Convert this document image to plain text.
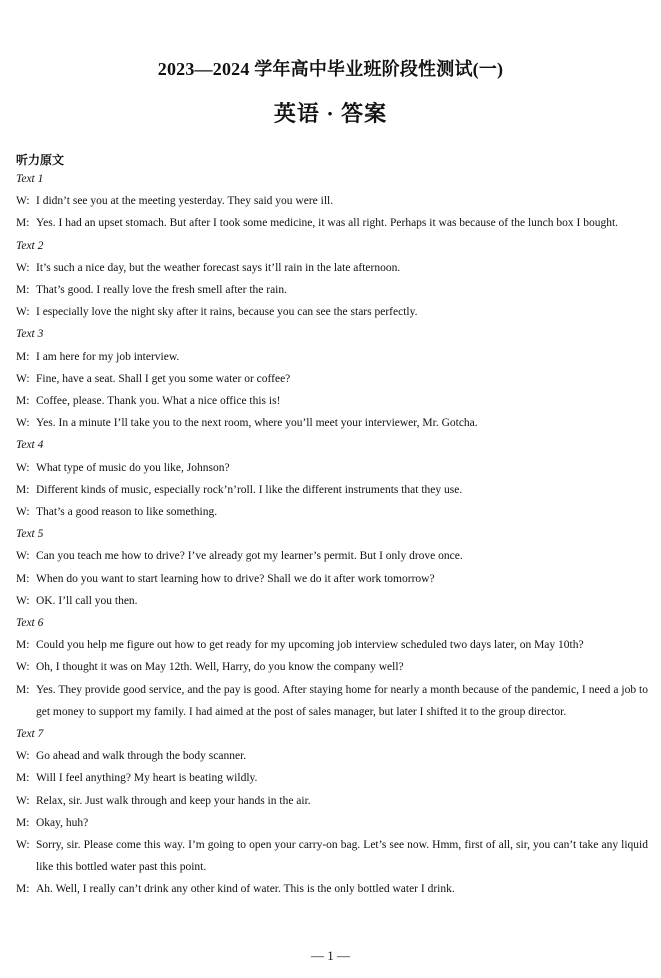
2023—2024 学年高中毕业班阶段性测试(一)
英语 · 答案
听力原文
Text 1
W: I didn’t see you at the meeting yesterday. They said you were ill.
M: Yes. I had an upset stomach. But after I took some medicine, it was all right. Perhaps it was because of the lunch box I bought.
Text 2
W: It’s such a nice day, but the weather forecast says it’ll rain in the late afternoon.
M: That’s good. I really love the fresh smell after the rain.
W: I especially love the night sky after it rains, because you can see the stars perfectly.
Text 3
M: I am here for my job interview.
W: Fine, have a seat. Shall I get you some water or coffee?
M: Coffee, please. Thank you. What a nice office this is!
W: Yes. In a minute I’ll take you to the next room, where you’ll meet your interviewer, Mr. Gotcha.
Text 4
W: What type of music do you like, Johnson?
M: Different kinds of music, especially rock’n’roll. I like the different instruments that they use.
W: That’s a good reason to like something.
Text 5
W: Can you teach me how to drive? I’ve already got my learner’s permit. But I only drove once.
M: When do you want to start learning how to drive? Shall we do it after work tomorrow?
W: OK. I’ll call you then.
Text 6
M: Could you help me figure out how to get ready for my upcoming job interview scheduled two days later, on May 10th?
W: Oh, I thought it was on May 12th. Well, Harry, do you know the company well?
M: Yes. They provide good service, and the pay is good. After staying home for nearly a month because of the pandemic, I need a job to get money to support my family. I had aimed at the post of sales manager, but later I shifted it to the group director.
Text 7
W: Go ahead and walk through the body scanner.
M: Will I feel anything? My heart is beating wildly.
W: Relax, sir. Just walk through and keep your hands in the air.
M: Okay, huh?
W: Sorry, sir. Please come this way. I’m going to open your carry-on bag. Let’s see now. Hmm, first of all, sir, you can’t take any liquid like this bottled water past this point.
M: Ah. Well, I really can’t drink any other kind of water. This is the only bottled water I drink.
— 1 —
